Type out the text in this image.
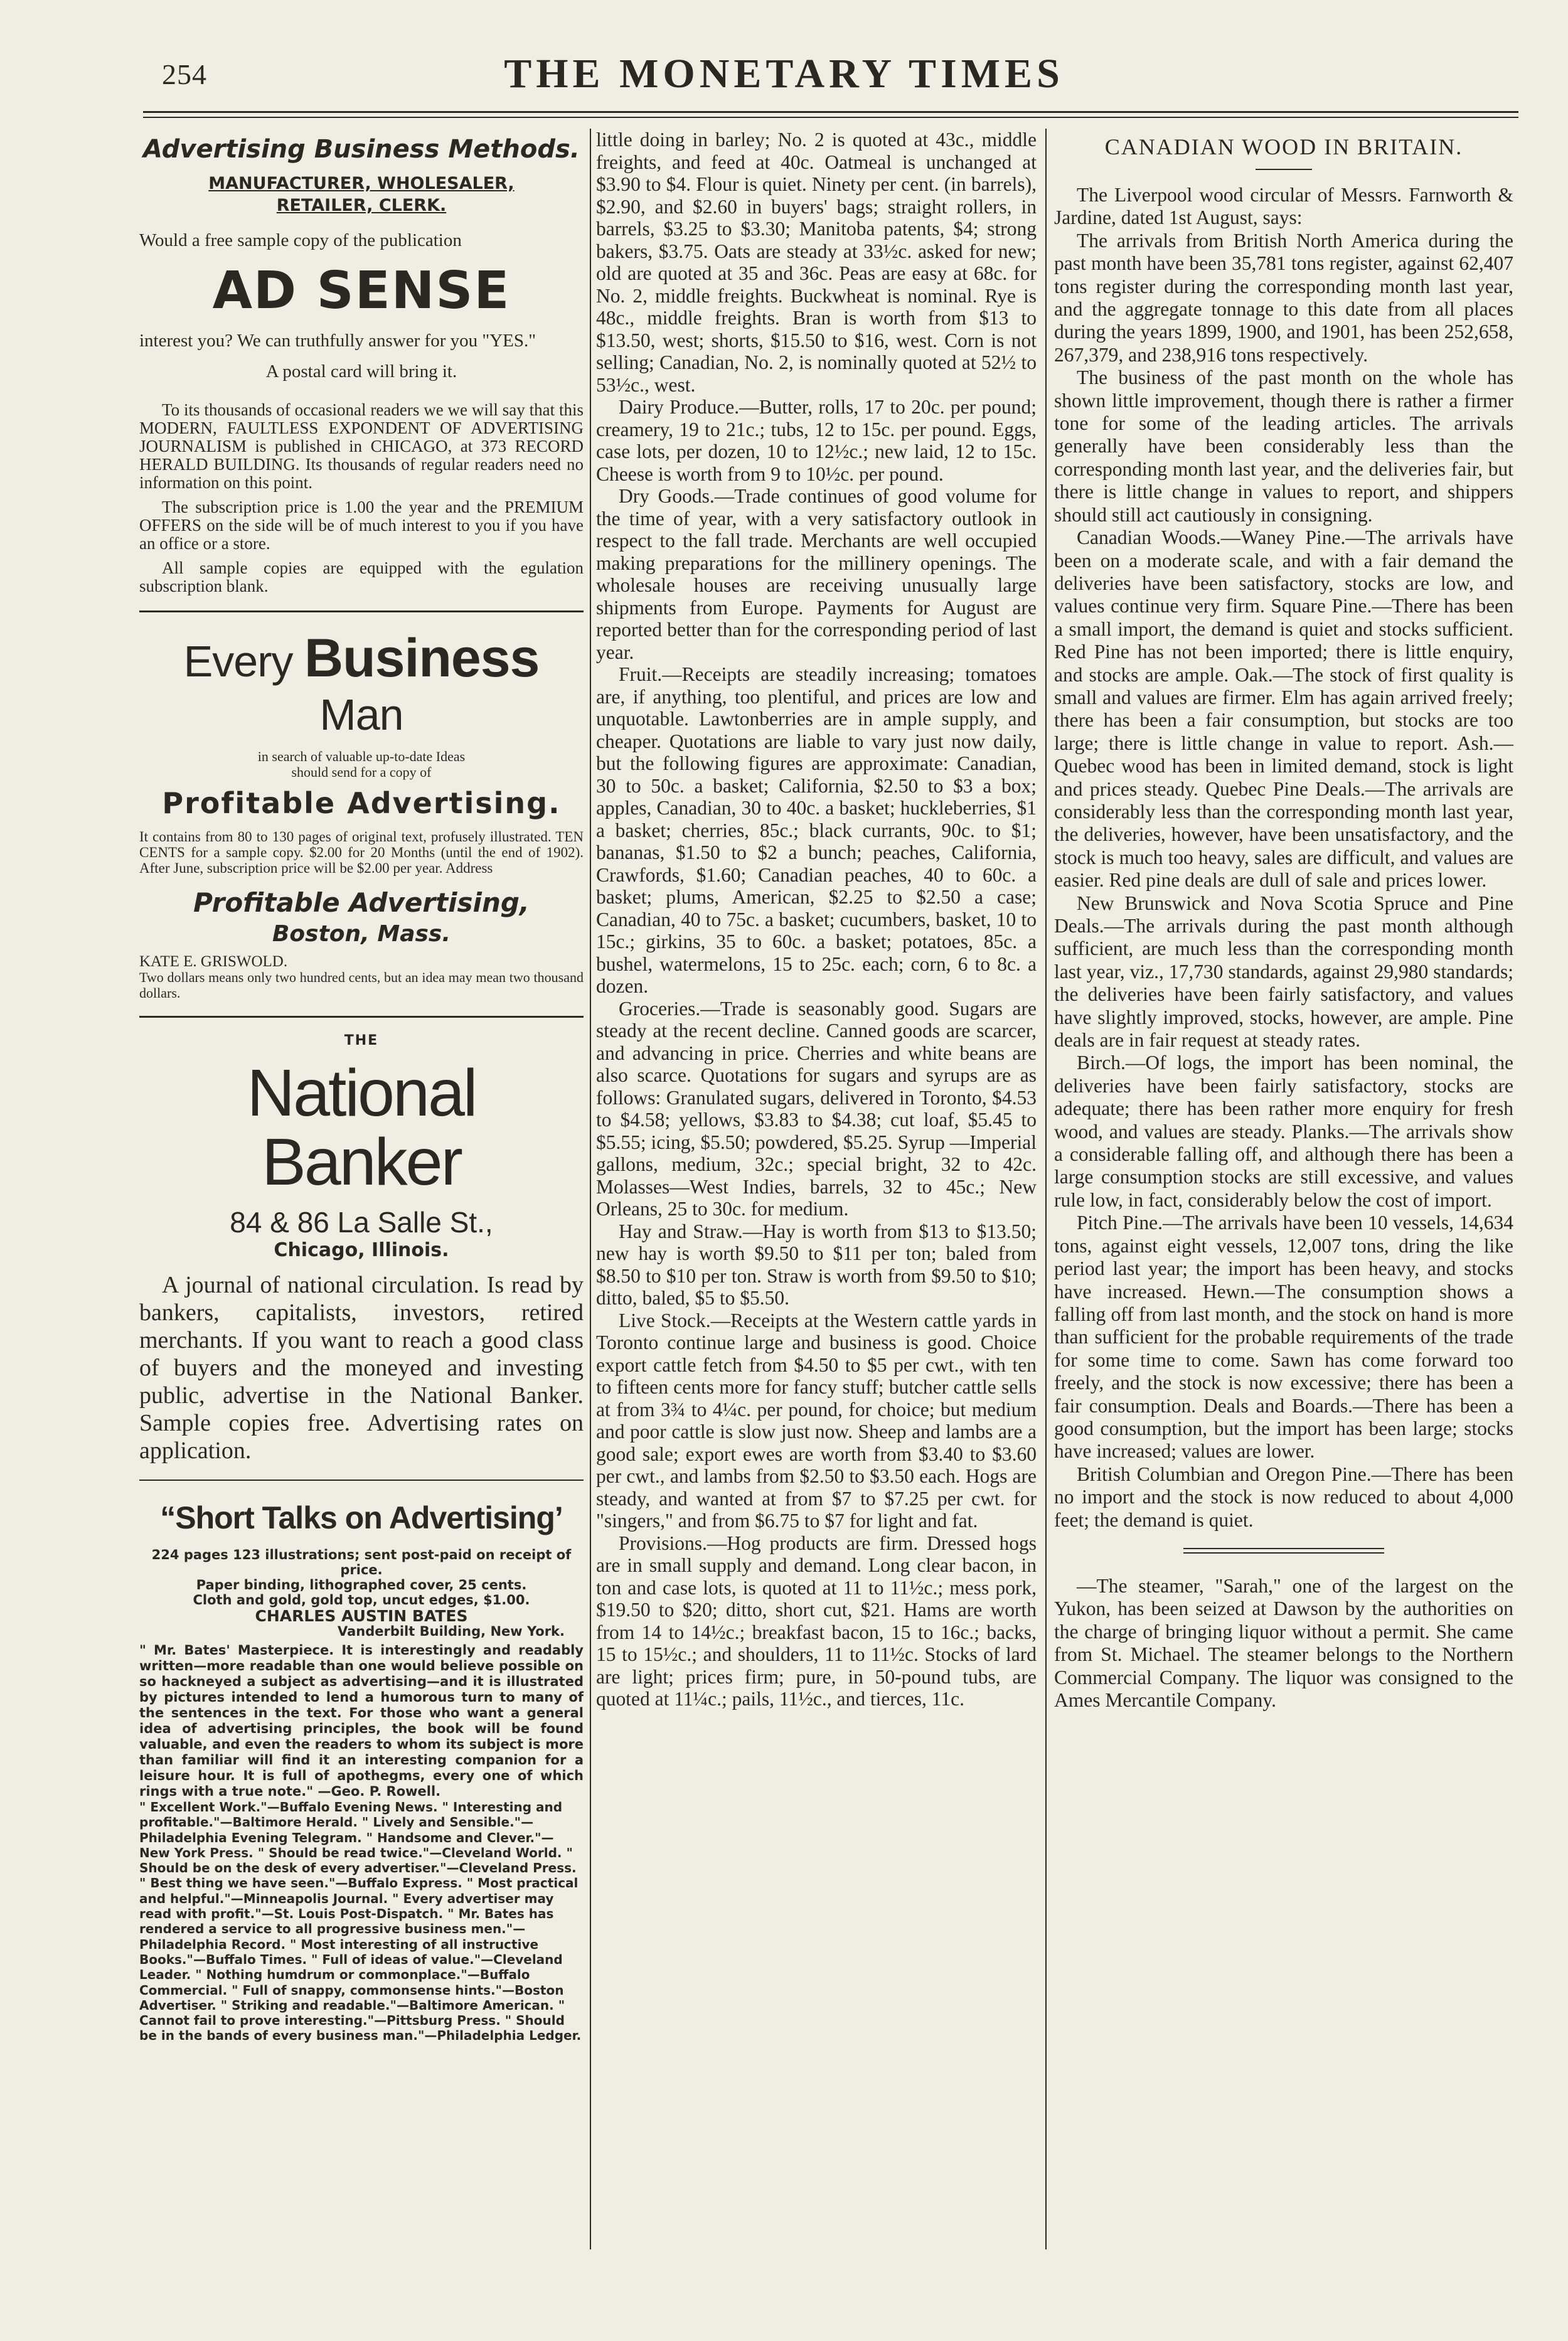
254	THE MONETARY TIMES
Advertising Business Methods.
MANUFACTURER, WHOLESALER,
RETAILER, CLERK.
Would a free sample copy of the publication
AD SENSE
interest you? We can truthfully answer for you "YES."
A postal card will bring it.
To its thousands of occasional readers we we will say that this MODERN, FAULTLESS EXPONDENT OF ADVERTISING JOURNALISM is published in CHICAGO, at 373 RECORD HERALD BUILDING. Its thousands of regular readers need no information on this point.
The subscription price is 1.00 the year and the PREMIUM OFFERS on the side will be of much interest to you if you have an office or a store.
All sample copies are equipped with the egulation subscription blank.
Every Business Man
in search of valuable up-to-date Ideas
should send for a copy of
Profitable Advertising.
It contains from 80 to 130 pages of original text, profusely illustrated. TEN CENTS for a sample copy. $2.00 for 20 Months (until the end of 1902). After June, subscription price will be $2.00 per year. Address
Profitable Advertising,
Boston, Mass.
KATE E. GRISWOLD.
Two dollars means only two hundred cents, but an idea may mean two thousand dollars.
THE
National Banker
84 & 86 La Salle St.,
Chicago, Illinois.
A journal of national circulation. Is read by bankers, capitalists, investors, retired merchants. If you want to reach a good class of buyers and the moneyed and investing public, advertise in the National Banker. Sample copies free. Advertising rates on application.
“Short Talks on Advertising’
224 pages 123 illustrations; sent post-paid on receipt of price.
Paper binding, lithographed cover, 25 cents.
Cloth and gold, gold top, uncut edges, $1.00.
CHARLES AUSTIN BATES
Vanderbilt Building, New York.
" Mr. Bates' Masterpiece. It is interestingly and readably written—more readable than one would believe possible on so hackneyed a subject as advertising—and it is illustrated by pictures intended to lend a humorous turn to many of the sentences in the text. For those who want a general idea of advertising principles, the book will be found valuable, and even the readers to whom its subject is more than familiar will find it an interesting companion for a leisure hour. It is full of apothegms, every one of which rings with a true note." —Geo. P. Rowell.
" Excellent Work."—Buffalo Evening News. " Interesting and profitable."—Baltimore Herald. " Lively and Sensible."—Philadelphia Evening Telegram. " Handsome and Clever."—New York Press. " Should be read twice."—Cleveland World. " Should be on the desk of every advertiser."—Cleveland Press. " Best thing we have seen."—Buffalo Express. " Most practical and helpful."—Minneapolis Journal. " Every advertiser may read with profit."—St. Louis Post-Dispatch. " Mr. Bates has rendered a service to all progressive business men."—Philadelphia Record. " Most interesting of all instructive Books."—Buffalo Times. " Full of ideas of value."—Cleveland Leader. " Nothing humdrum or commonplace."—Buffalo Commercial. " Full of snappy, commonsense hints."—Boston Advertiser. " Striking and readable."—Baltimore American. " Cannot fail to prove interesting."—Pittsburg Press. " Should be in the bands of every business man."—Philadelphia Ledger.

little doing in barley; No. 2 is quoted at 43c., middle freights, and feed at 40c. Oatmeal is unchanged at $3.90 to $4. Flour is quiet. Ninety per cent. (in barrels), $2.90, and $2.60 in buyers' bags; straight rollers, in barrels, $3.25 to $3.30; Manitoba patents, $4; strong bakers, $3.75. Oats are steady at 33½c. asked for new; old are quoted at 35 and 36c. Peas are easy at 68c. for No. 2, middle freights. Buckwheat is nominal. Rye is 48c., middle freights. Bran is worth from $13 to $13.50, west; shorts, $15.50 to $16, west. Corn is not selling; Canadian, No. 2, is nominally quoted at 52½ to 53½c., west.

Dairy Produce.—Butter, rolls, 17 to 20c. per pound; creamery, 19 to 21c.; tubs, 12 to 15c. per pound. Eggs, case lots, per dozen, 10 to 12½c.; new laid, 12 to 15c. Cheese is worth from 9 to 10½c. per pound.

Dry Goods.—Trade continues of good volume for the time of year, with a very satisfactory outlook in respect to the fall trade. Merchants are well occupied making preparations for the millinery openings. The wholesale houses are receiving unusually large shipments from Europe. Payments for August are reported better than for the corresponding period of last year.

Fruit.—Receipts are steadily increasing; tomatoes are, if anything, too plentiful, and prices are low and unquotable. Lawtonberries are in ample supply, and cheaper. Quotations are liable to vary just now daily, but the following figures are approximate: Canadian, 30 to 50c. a basket; California, $2.50 to $3 a box; apples, Canadian, 30 to 40c. a basket; huckleberries, $1 a basket; cherries, 85c.; black currants, 90c. to $1; bananas, $1.50 to $2 a bunch; peaches, California, Crawfords, $1.60; Canadian peaches, 40 to 60c. a basket; plums, American, $2.25 to $2.50 a case; Canadian, 40 to 75c. a basket; cucumbers, basket, 10 to 15c.; girkins, 35 to 60c. a basket; potatoes, 85c. a bushel, watermelons, 15 to 25c. each; corn, 6 to 8c. a dozen.

Groceries.—Trade is seasonably good. Sugars are steady at the recent decline. Canned goods are scarcer, and advancing in price. Cherries and white beans are also scarce. Quotations for sugars and syrups are as follows: Granulated sugars, delivered in Toronto, $4.53 to $4.58; yellows, $3.83 to $4.38; cut loaf, $5.45 to $5.55; icing, $5.50; powdered, $5.25. Syrup —Imperial gallons, medium, 32c.; special bright, 32 to 42c. Molasses—West Indies, barrels, 32 to 45c.; New Orleans, 25 to 30c. for medium.

Hay and Straw.—Hay is worth from $13 to $13.50; new hay is worth $9.50 to $11 per ton; baled from $8.50 to $10 per ton. Straw is worth from $9.50 to $10; ditto, baled, $5 to $5.50.

Live Stock.—Receipts at the Western cattle yards in Toronto continue large and business is good. Choice export cattle fetch from $4.50 to $5 per cwt., with ten to fifteen cents more for fancy stuff; butcher cattle sells at from 3¾ to 4¼c. per pound, for choice; but medium and poor cattle is slow just now. Sheep and lambs are a good sale; export ewes are worth from $3.40 to $3.60 per cwt., and lambs from $2.50 to $3.50 each. Hogs are steady, and wanted at from $7 to $7.25 per cwt. for "singers," and from $6.75 to $7 for light and fat.

Provisions.—Hog products are firm. Dressed hogs are in small supply and demand. Long clear bacon, in ton and case lots, is quoted at 11 to 11½c.; mess pork, $19.50 to $20; ditto, short cut, $21. Hams are worth from 14 to 14½c.; breakfast bacon, 15 to 16c.; backs, 15 to 15½c.; and shoulders, 11 to 11½c. Stocks of lard are light; prices firm; pure, in 50-pound tubs, are quoted at 11¼c.; pails, 11½c., and tierces, 11c.

CANADIAN WOOD IN BRITAIN.

The Liverpool wood circular of Messrs. Farnworth & Jardine, dated 1st August, says:

The arrivals from British North America during the past month have been 35,781 tons register, against 62,407 tons register during the corresponding month last year, and the aggregate tonnage to this date from all places during the years 1899, 1900, and 1901, has been 252,658, 267,379, and 238,916 tons respectively.

The business of the past month on the whole has shown little improvement, though there is rather a firmer tone for some of the leading articles. The arrivals generally have been considerably less than the corresponding month last year, and the deliveries fair, but there is little change in values to report, and shippers should still act cautiously in consigning.

Canadian Woods.—Waney Pine.—The arrivals have been on a moderate scale, and with a fair demand the deliveries have been satisfactory, stocks are low, and values continue very firm. Square Pine.—There has been a small import, the demand is quiet and stocks sufficient. Red Pine has not been imported; there is little enquiry, and stocks are ample. Oak.—The stock of first quality is small and values are firmer. Elm has again arrived freely; there has been a fair consumption, but stocks are too large; there is little change in value to report. Ash.—Quebec wood has been in limited demand, stock is light and prices steady. Quebec Pine Deals.—The arrivals are considerably less than the corresponding month last year, the deliveries, however, have been unsatisfactory, and the stock is much too heavy, sales are difficult, and values are easier. Red pine deals are dull of sale and prices lower.

New Brunswick and Nova Scotia Spruce and Pine Deals.—The arrivals during the past month although sufficient, are much less than the corresponding month last year, viz., 17,730 standards, against 29,980 standards; the deliveries have been fairly satisfactory, and values have slightly improved, stocks, however, are ample. Pine deals are in fair request at steady rates.

Birch.—Of logs, the import has been nominal, the deliveries have been fairly satisfactory, stocks are adequate; there has been rather more enquiry for fresh wood, and values are steady. Planks.—The arrivals show a considerable falling off, and although there has been a large consumption stocks are still excessive, and values rule low, in fact, considerably below the cost of import.

Pitch Pine.—The arrivals have been 10 vessels, 14,634 tons, against eight vessels, 12,007 tons, dring the like period last year; the import has been heavy, and stocks have increased. Hewn.—The consumption shows a falling off from last month, and the stock on hand is more than sufficient for the probable requirements of the trade for some time to come. Sawn has come forward too freely, and the stock is now excessive; there has been a fair consumption. Deals and Boards.—There has been a good consumption, but the import has been large; stocks have increased; values are lower.

British Columbian and Oregon Pine.—There has been no import and the stock is now reduced to about 4,000 feet; the demand is quiet.

—The steamer, "Sarah," one of the largest on the Yukon, has been seized at Dawson by the authorities on the charge of bringing liquor without a permit. She came from St. Michael. The steamer belongs to the Northern Commercial Company. The liquor was consigned to the Ames Mercantile Company.
